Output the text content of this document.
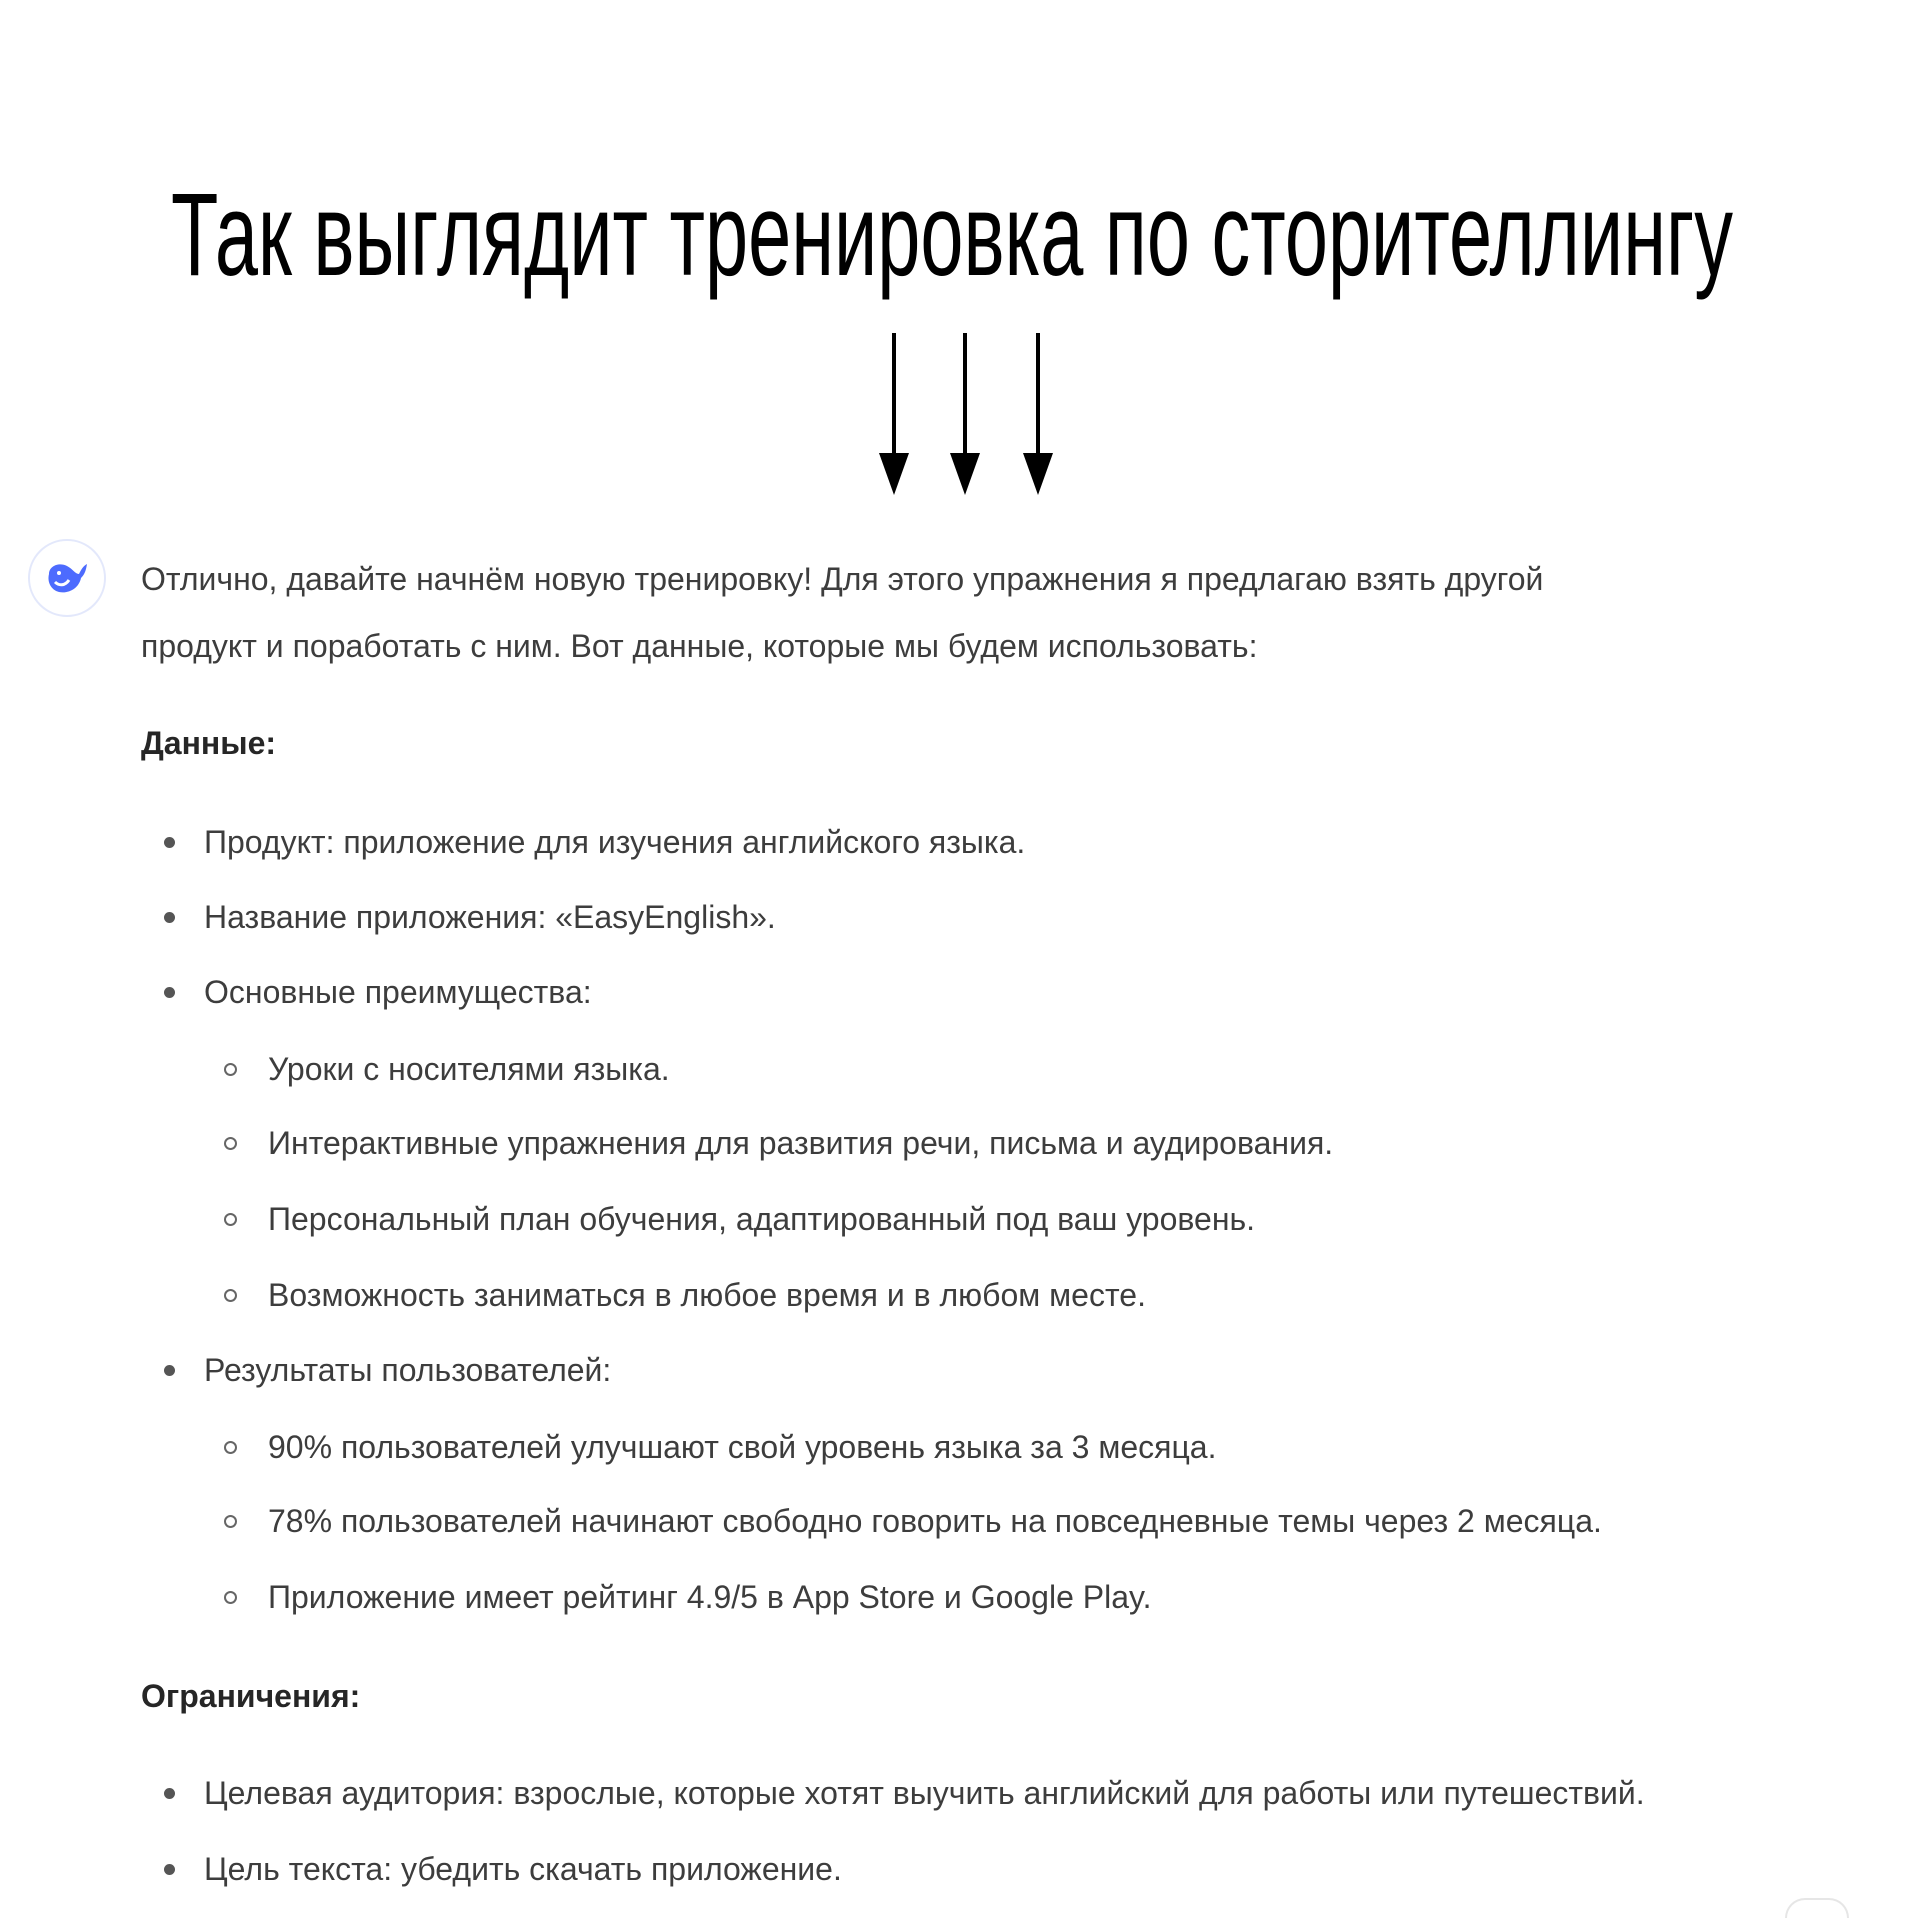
Так выглядит тренировка по сторителлингу
Отлично, давайте начнём новую тренировку! Для этого упражнения я предлагаю взять другой
продукт и поработать с ним. Вот данные, которые мы будем использовать:
Данные:
Продукт: приложение для изучения английского языка.
Название приложения: «EasyEnglish».
Основные преимущества:
Уроки с носителями языка.
Интерактивные упражнения для развития речи, письма и аудирования.
Персональный план обучения, адаптированный под ваш уровень.
Возможность заниматься в любое время и в любом месте.
Результаты пользователей:
90% пользователей улучшают свой уровень языка за 3 месяца.
78% пользователей начинают свободно говорить на повседневные темы через 2 месяца.
Приложение имеет рейтинг 4.9/5 в App Store и Google Play.
Ограничения:
Целевая аудитория: взрослые, которые хотят выучить английский для работы или путешествий.
Цель текста: убедить скачать приложение.
